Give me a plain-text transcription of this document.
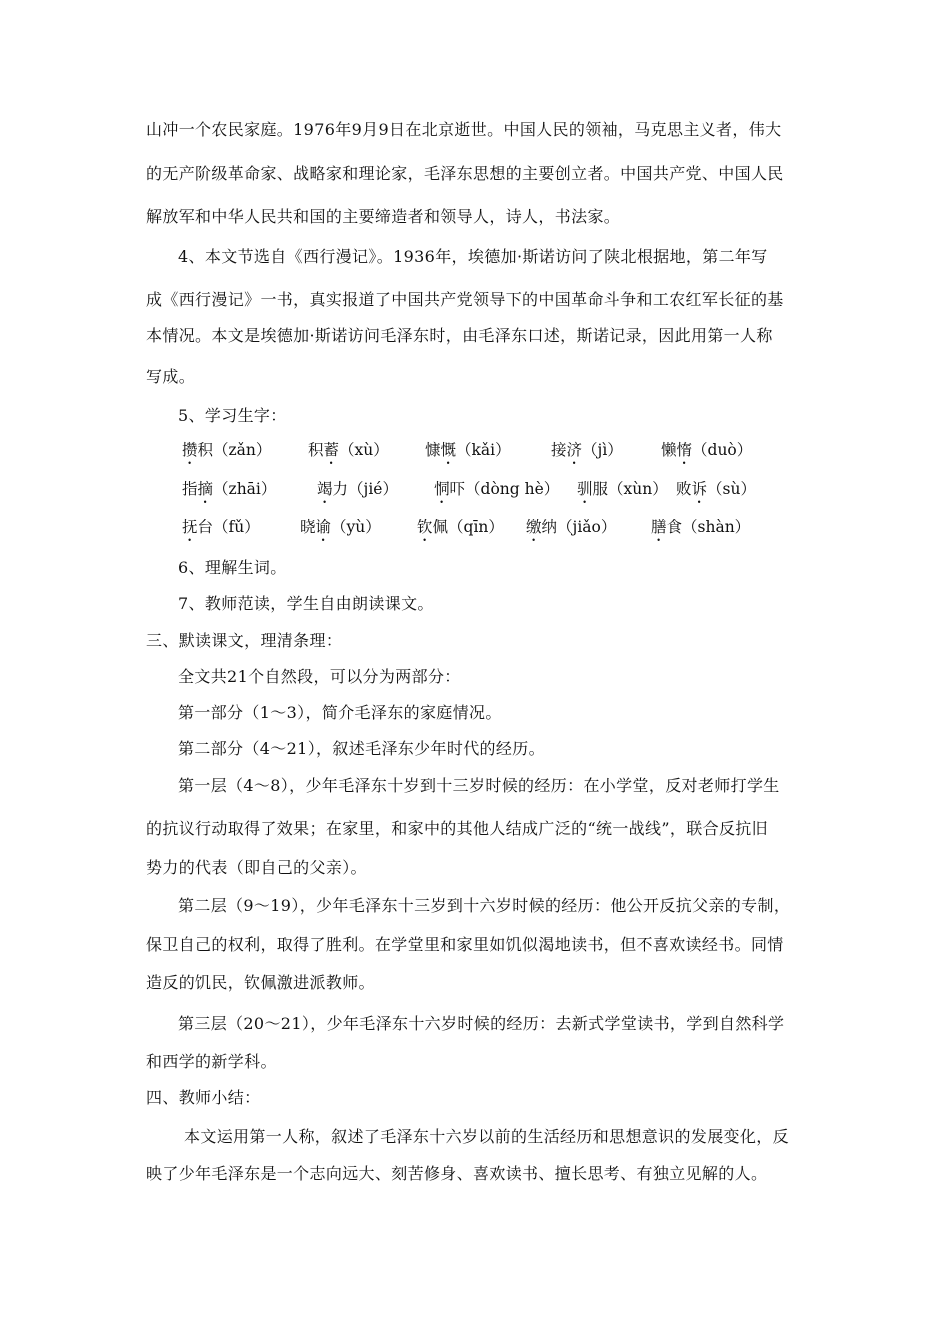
山冲一个农民家庭。1976年9月9日在北京逝世。中国人民的领袖，马克思主义者，伟大
的无产阶级革命家、战略家和理论家，毛泽东思想的主要创立者。中国共产党、中国人民
解放军和中华人民共和国的主要缔造者和领导人，诗人，书法家。
4、本文节选自《西行漫记》。1936年，埃德加·斯诺访问了陕北根据地，第二年写
成《西行漫记》一书，真实报道了中国共产党领导下的中国革命斗争和工农红军长征的基
本情况。本文是埃德加·斯诺访问毛泽东时，由毛泽东口述，斯诺记录，因此用第一人称
写成。
5、学习生字：
攒积（zǎn） 积蓄（xù） 慷慨（kǎi）	接济（jì） 懒惰（duò）
指摘（zhāi）	竭力（jié） 恫吓（dòng hè） 驯服（xùn） 败诉（sù）
抚台（fǔ）	晓谕（yù） 钦佩（qīn） 缴纳（jiǎo） 膳食（shàn）
6、理解生词。
7、教师范读，学生自由朗读课文。
三、默读课文，理清条理：
全文共21个自然段，可以分为两部分：
第一部分（1～3），简介毛泽东的家庭情况。
第二部分（4～21），叙述毛泽东少年时代的经历。
第一层（4～8），少年毛泽东十岁到十三岁时候的经历：在小学堂，反对老师打学生
的抗议行动取得了效果；在家里，和家中的其他人结成广泛的“统一战线”，联合反抗旧
势力的代表（即自己的父亲）。
第二层（9～19），少年毛泽东十三岁到十六岁时候的经历：他公开反抗父亲的专制，
保卫自己的权利，取得了胜利。在学堂里和家里如饥似渴地读书，但不喜欢读经书。同情
造反的饥民，钦佩激进派教师。
第三层（20～21），少年毛泽东十六岁时候的经历：去新式学堂读书，学到自然科学
和西学的新学科。
四、教师小结：
本文运用第一人称，叙述了毛泽东十六岁以前的生活经历和思想意识的发展变化，反
映了少年毛泽东是一个志向远大、刻苦修身、喜欢读书、擅长思考、有独立见解的人。
